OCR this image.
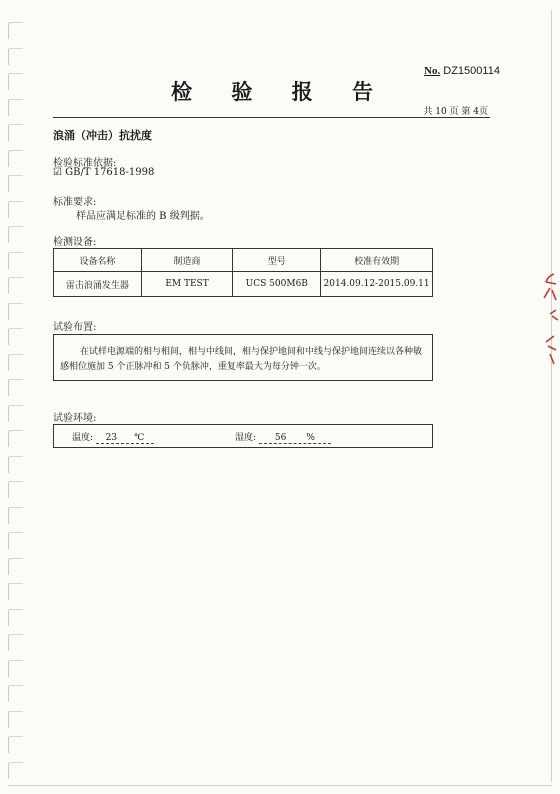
No. DZ1500114
检 验 报 告
共 10 页 第 4页
浪涌（冲击）抗扰度
检验标准依据:
☑ GB/T 17618-1998
标准要求:
样品应满足标准的 B 级判据。
检测设备:
设备名称	制造商	型号	校准有效期
雷击浪涌发生器	EM TEST	UCS 500M6B	2014.09.12-2015.09.11
试验布置:
在试样电源端的相与相间，相与中线间，相与保护地间和中线与保护地间连续以各种敏感相位施加 5 个正脉冲和 5 个负脉冲，重复率最大为每分钟一次。
试验环境:
温度: 23 ℃	湿度: 56 %
